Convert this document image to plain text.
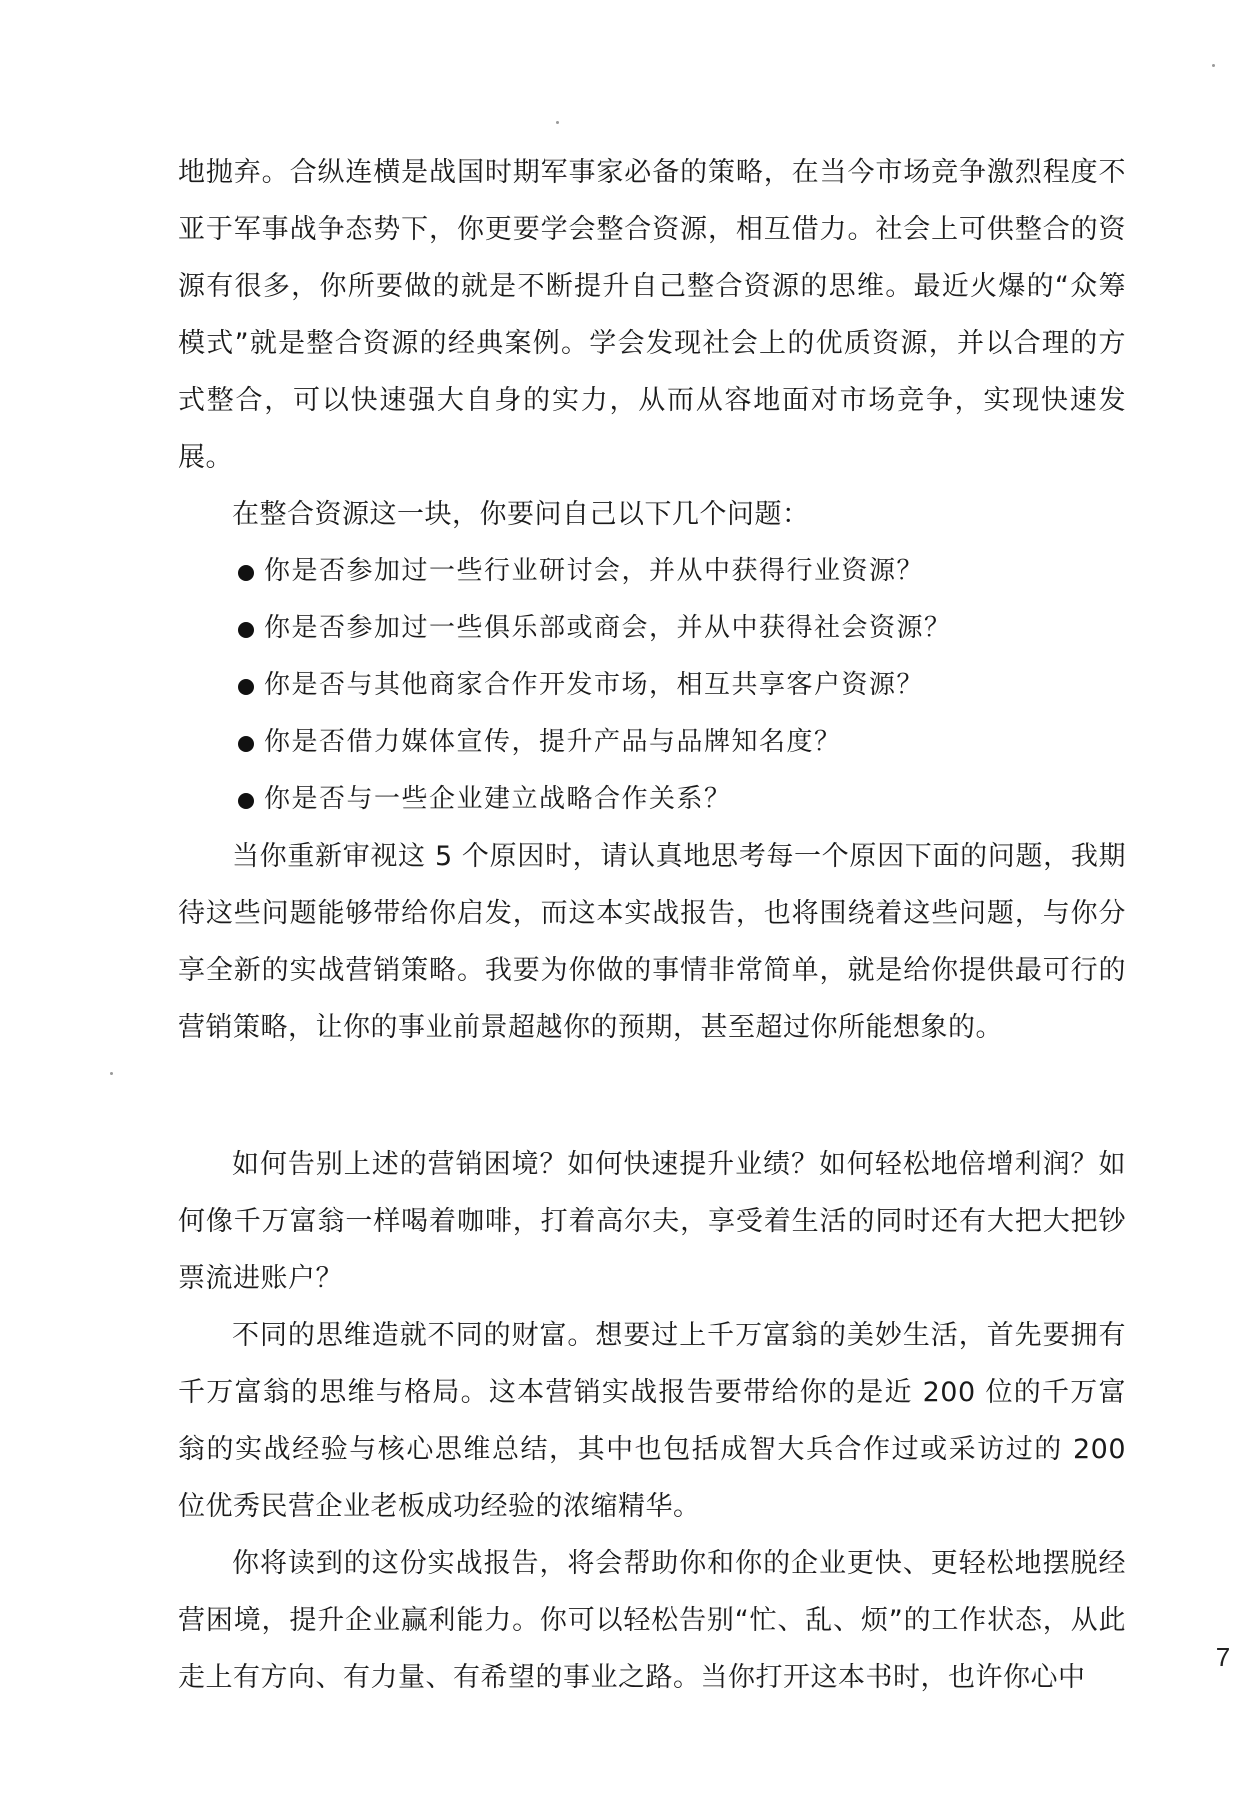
地抛弃。合纵连横是战国时期军事家必备的策略，在当今市场竞争激烈程度不亚于军事战争态势下，你更要学会整合资源，相互借力。社会上可供整合的资源有很多，你所要做的就是不断提升自己整合资源的思维。最近火爆的“众筹模式”就是整合资源的经典案例。学会发现社会上的优质资源，并以合理的方式整合，可以快速强大自身的实力，从而从容地面对市场竞争，实现快速发展。

在整合资源这一块，你要问自己以下几个问题：

你是否参加过一些行业研讨会，并从中获得行业资源？
你是否参加过一些俱乐部或商会，并从中获得社会资源？
你是否与其他商家合作开发市场，相互共享客户资源？
你是否借力媒体宣传，提升产品与品牌知名度？
你是否与一些企业建立战略合作关系？

当你重新审视这 5 个原因时，请认真地思考每一个原因下面的问题，我期待这些问题能够带给你启发，而这本实战报告，也将围绕着这些问题，与你分享全新的实战营销策略。我要为你做的事情非常简单，就是给你提供最可行的营销策略，让你的事业前景超越你的预期，甚至超过你所能想象的。

如何告别上述的营销困境？如何快速提升业绩？如何轻松地倍增利润？如何像千万富翁一样喝着咖啡，打着高尔夫，享受着生活的同时还有大把大把钞票流进账户？

不同的思维造就不同的财富。想要过上千万富翁的美妙生活，首先要拥有千万富翁的思维与格局。这本营销实战报告要带给你的是近 200 位的千万富翁的实战经验与核心思维总结，其中也包括成智大兵合作过或采访过的 200 位优秀民营企业老板成功经验的浓缩精华。

你将读到的这份实战报告，将会帮助你和你的企业更快、更轻松地摆脱经营困境，提升企业赢利能力。你可以轻松告别“忙、乱、烦”的工作状态，从此走上有方向、有力量、有希望的事业之路。当你打开这本书时，也许你心中

7
